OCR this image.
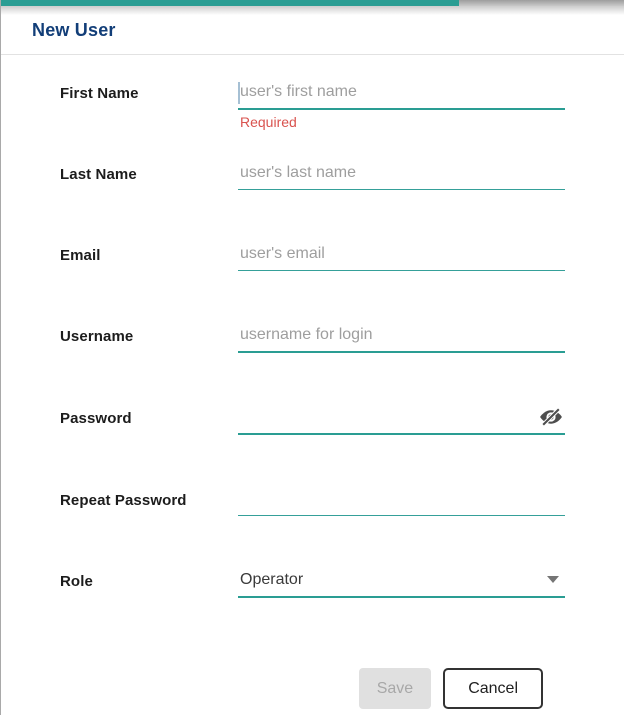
New User
First Name
user's first name
Required
Last Name
user's last name
Email
user's email
Username
username for login
Password
Repeat Password
Role	Operator
Save	Cancel
